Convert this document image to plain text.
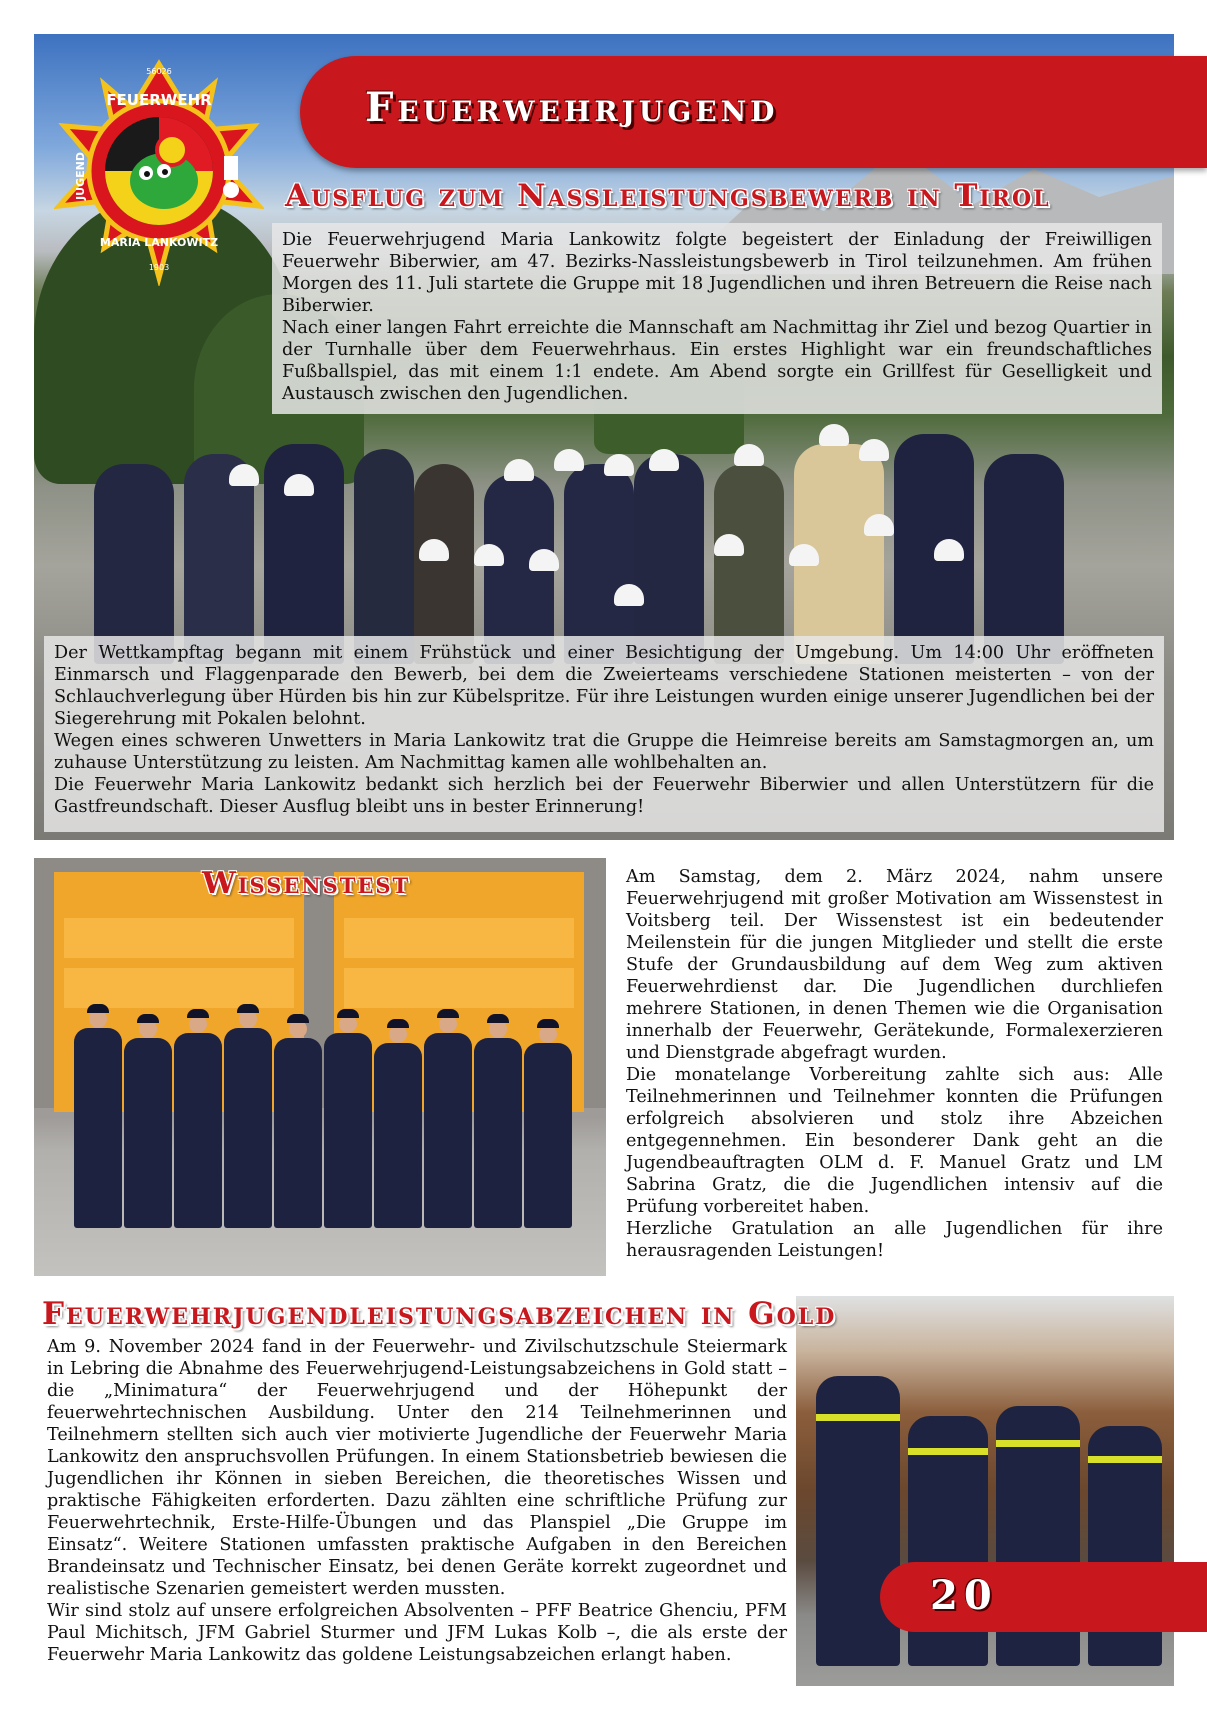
Feuerwehrjugend
FEUERWEHR
56026
MARIA LANKOWITZ
1903
JUGEND	Ausflug zum Nassleistungsbewerb in Tirol

Die Feuerwehrjugend Maria Lankowitz folgte begeistert der Einladung der Freiwilligen Feuerwehr Biberwier, am 47. Bezirks-Nassleistungsbewerb in Tirol teilzunehmen. Am frühen Morgen des 11. Juli startete die Gruppe mit 18 Jugendlichen und ihren Betreuern die Reise nach Biberwier.

Nach einer langen Fahrt erreichte die Mannschaft am Nachmittag ihr Ziel und bezog Quartier in der Turnhalle über dem Feuerwehrhaus. Ein erstes Highlight war ein freundschaftliches Fußballspiel, das mit einem 1:1 endete. Am Abend sorgte ein Grillfest für Geselligkeit und Austausch zwischen den Jugendlichen.

Der Wettkampftag begann mit einem Frühstück und einer Besichtigung der Umgebung. Um 14:00 Uhr eröffneten Einmarsch und Flaggenparade den Bewerb, bei dem die Zweierteams verschiedene Stationen meisterten – von der Schlauchverlegung über Hürden bis hin zur Kübelspritze. Für ihre Leistungen wurden einige unserer Jugendlichen bei der Siegerehrung mit Pokalen belohnt.

Wegen eines schweren Unwetters in Maria Lankowitz trat die Gruppe die Heimreise bereits am Samstagmorgen an, um zuhause Unterstützung zu leisten. Am Nachmittag kamen alle wohlbehalten an.

Die Feuerwehr Maria Lankowitz bedankt sich herzlich bei der Feuerwehr Biberwier und allen Unterstützern für die Gastfreundschaft. Dieser Ausflug bleibt uns in bester Erinnerung!

Wissenstest	Am Samstag, dem 2. März 2024, nahm unsere Feuerwehrjugend mit großer Motivation am Wissenstest in Voitsberg teil. Der Wissenstest ist ein bedeutender Meilenstein für die jungen Mitglieder und stellt die erste Stufe der Grundausbildung auf dem Weg zum aktiven Feuerwehrdienst dar. Die Jugendlichen durchliefen mehrere Stationen, in denen Themen wie die Organisation innerhalb der Feuerwehr, Gerätekunde, Formalexerzieren und Dienstgrade abgefragt wurden.

Die monatelange Vorbereitung zahlte sich aus: Alle Teilnehmerinnen und Teilnehmer konnten die Prüfungen erfolgreich absolvieren und stolz ihre Abzeichen entgegennehmen. Ein besonderer Dank geht an die Jugendbeauftragten OLM d. F. Manuel Gratz und LM Sabrina Gratz, die die Jugendlichen intensiv auf die Prüfung vorbereitet haben.

Herzliche Gratulation an alle Jugendlichen für ihre herausragenden Leistungen!

Feuerwehrjugendleistungsabzeichen in Gold

Am 9. November 2024 fand in der Feuerwehr- und Zivilschutzschule Steiermark in Lebring die Abnahme des Feuerwehrjugend-Leistungsabzeichens in Gold statt – die „Minimatura“ der Feuerwehrjugend und der Höhepunkt der feuerwehrtechnischen Ausbildung. Unter den 214 Teilnehmerinnen und Teilnehmern stellten sich auch vier motivierte Jugendliche der Feuerwehr Maria Lankowitz den anspruchsvollen Prüfungen. In einem Stationsbetrieb bewiesen die Jugendlichen ihr Können in sieben Bereichen, die theoretisches Wissen und praktische Fähigkeiten erforderten. Dazu zählten eine schriftliche Prüfung zur Feuerwehrtechnik, Erste-Hilfe-Übungen und das Planspiel „Die Gruppe im Einsatz“. Weitere Stationen umfassten praktische Aufgaben in den Bereichen Brandeinsatz und Technischer Einsatz, bei denen Geräte korrekt zugeordnet und realistische Szenarien gemeistert werden mussten.

Wir sind stolz auf unsere erfolgreichen Absolventen – PFF Beatrice Ghenciu, PFM Paul Michitsch, JFM Gabriel Sturmer und JFM Lukas Kolb –, die als erste der Feuerwehr Maria Lankowitz das goldene Leistungsabzeichen erlangt haben.

20
